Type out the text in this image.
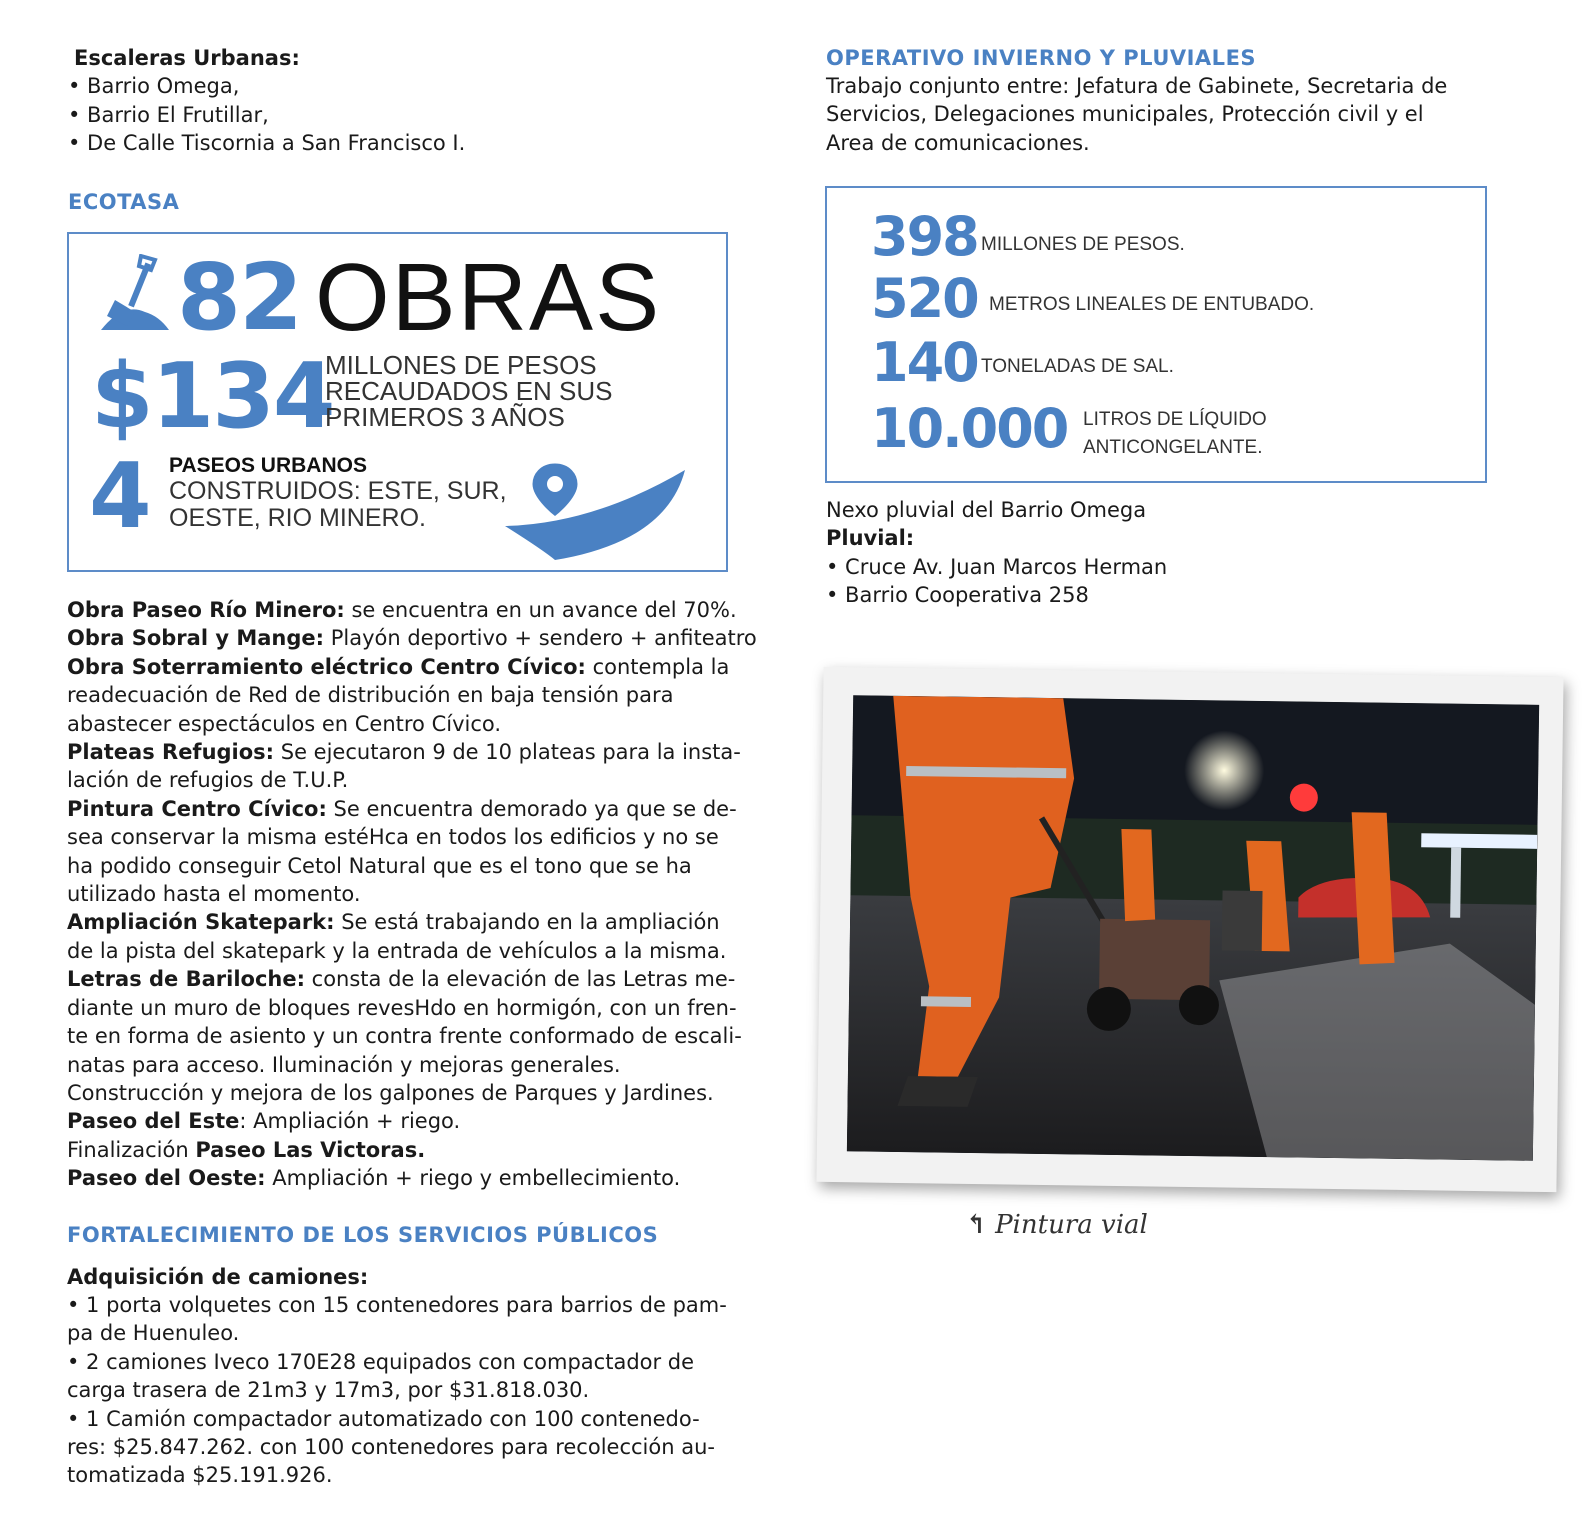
Escaleras Urbanas:

• Barrio Omega,

• Barrio El Frutillar,

• De Calle Tiscornia a San Francisco I.

ECOTASA
82 OBRAS
$134
MILLONES DE PESOS
RECAUDADOS EN SUS
PRIMEROS 3 AÑOS
4 PASEOS URBANOS
CONSTRUIDOS: ESTE, SUR,
OESTE, RIO MINERO.

Obra Paseo Río Minero: se encuentra en un avance del 70%.

Obra Sobral y Mange: Playón deportivo + sendero + anfiteatro

Obra Soterramiento eléctrico Centro Cívico: contempla la

readecuación de Red de distribución en baja tensión para

abastecer espectáculos en Centro Cívico.

Plateas Refugios: Se ejecutaron 9 de 10 plateas para la insta-

lación de refugios de T.U.P.

Pintura Centro Cívico: Se encuentra demorado ya que se de-

sea conservar la misma estéHca en todos los edificios y no se

ha podido conseguir Cetol Natural que es el tono que se ha

utilizado hasta el momento.

Ampliación Skatepark: Se está trabajando en la ampliación

de la pista del skatepark y la entrada de vehículos a la misma.

Letras de Bariloche: consta de la elevación de las Letras me-

diante un muro de bloques revesHdo en hormigón, con un fren-

te en forma de asiento y un contra frente conformado de escali-

natas para acceso. Iluminación y mejoras generales.

Construcción y mejora de los galpones de Parques y Jardines.

Paseo del Este: Ampliación + riego.

Finalización Paseo Las Victoras.

Paseo del Oeste: Ampliación + riego y embellecimiento.

FORTALECIMIENTO DE LOS SERVICIOS PÚBLICOS

Adquisición de camiones:

• 1 porta volquetes con 15 contenedores para barrios de pam-

pa de Huenuleo.

• 2 camiones Iveco 170E28 equipados con compactador de

carga trasera de 21m3 y 17m3, por $31.818.030.

• 1 Camión compactador automatizado con 100 contenedo-

res: $25.847.262. con 100 contenedores para recolección au-

tomatizada $25.191.926.

OPERATIVO INVIERNO Y PLUVIALES

Trabajo conjunto entre: Jefatura de Gabinete, Secretaria de

Servicios, Delegaciones municipales, Protección civil y el

Area de comunicaciones.

398 MILLONES DE PESOS.
520 METROS LINEALES DE ENTUBADO.
140 TONELADAS DE SAL.
10.000 LITROS DE LÍQUIDO
ANTICONGELANTE.

Nexo pluvial del Barrio Omega

Pluvial:

• Cruce Av. Juan Marcos Herman

• Barrio Cooperativa 258

↰ Pintura vial
